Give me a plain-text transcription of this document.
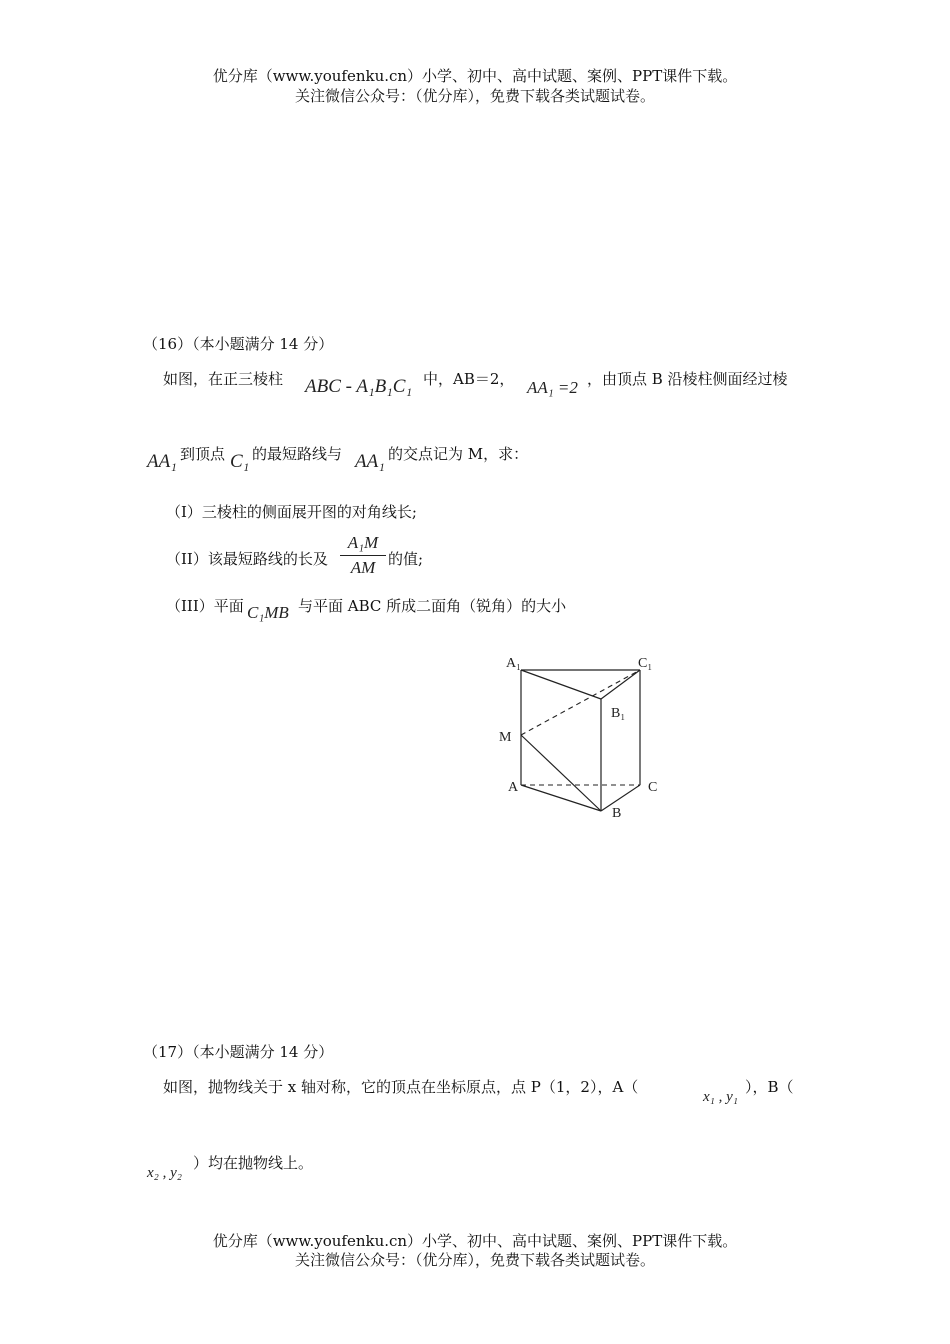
优分库（www.youfenku.cn）小学、初中、高中试题、案例、PPT课件下载。
关注微信公众号：（优分库），免费下载各类试题试卷。
（16）（本小题满分 14 分）
如图，在正三棱柱 ABC - A₁B₁C₁ 中，AB＝2， AA₁ =2 ，由顶点 B 沿棱柱侧面经过棱
AA₁ 到顶点 C₁ 的最短路线与 AA₁ 的交点记为 M，求：
（I）三棱柱的侧面展开图的对角线长;
（II）该最短路线的长及
A₁M
AM 的值;
（III）平面 C₁MB 与平面 ABC 所成二面角（锐角）的大小
A₁	C₁
B₁
M
A	C
B
（17）（本小题满分 14 分）
如图，抛物线关于 x 轴对称，它的顶点在坐标原点，点 P（1，2），A（
x₁ , y₁
），B（
x₂ , y₂
）均在抛物线上。
优分库（www.youfenku.cn）小学、初中、高中试题、案例、PPT课件下载。
关注微信公众号：（优分库），免费下载各类试题试卷。
